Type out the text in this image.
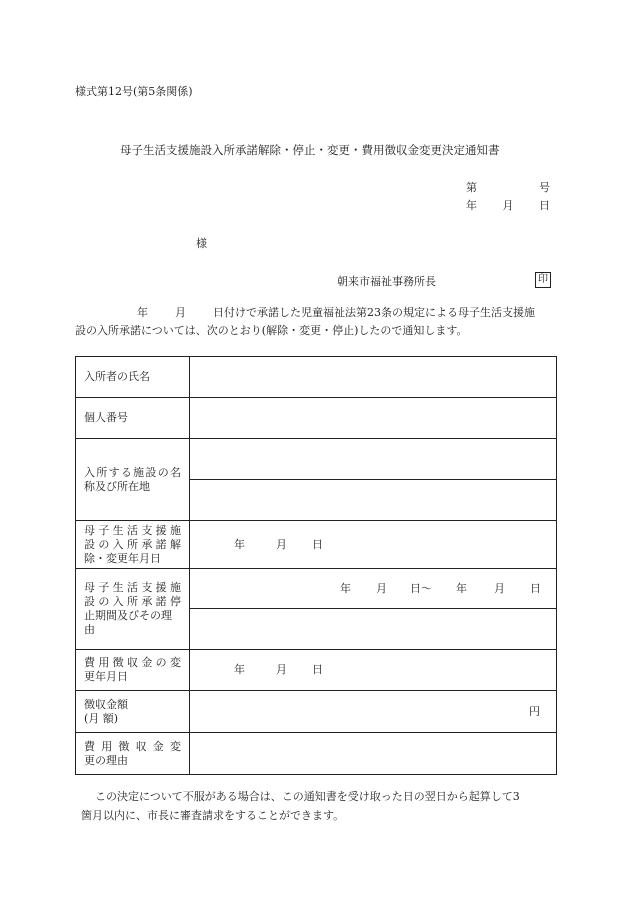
様式第12号(第5条関係)
母子生活支援施設入所承諾解除・停止・変更・費用徴収金変更決定通知書
第	号
年 月 日
様
朝来市福祉事務所長	印
年	月	日 付けで承諾した児童福祉法第23条の規定による母子生活支援施
設の入所承諾については、次のとおり(解除・変更・停止)したので通知します。
入所者の氏名	
個人番号	

入所する施設の名
称及び所在地	

母子生活支援施
設の入所承諾解
除・変更年月日	年 月 日

母子生活支援施
設の入所承諾停
止期間及びその理
由	年 月 日〜 年 月 日

費用徴収金の変
更年月日	年 月 日

徴収金額
(月 額)	円

費用徴収金変
更の理由	

この決定について不服がある場合は、この通知書を受け取った日の翌日から起算して3
箇月以内に、市長に審査請求をすることができます。
